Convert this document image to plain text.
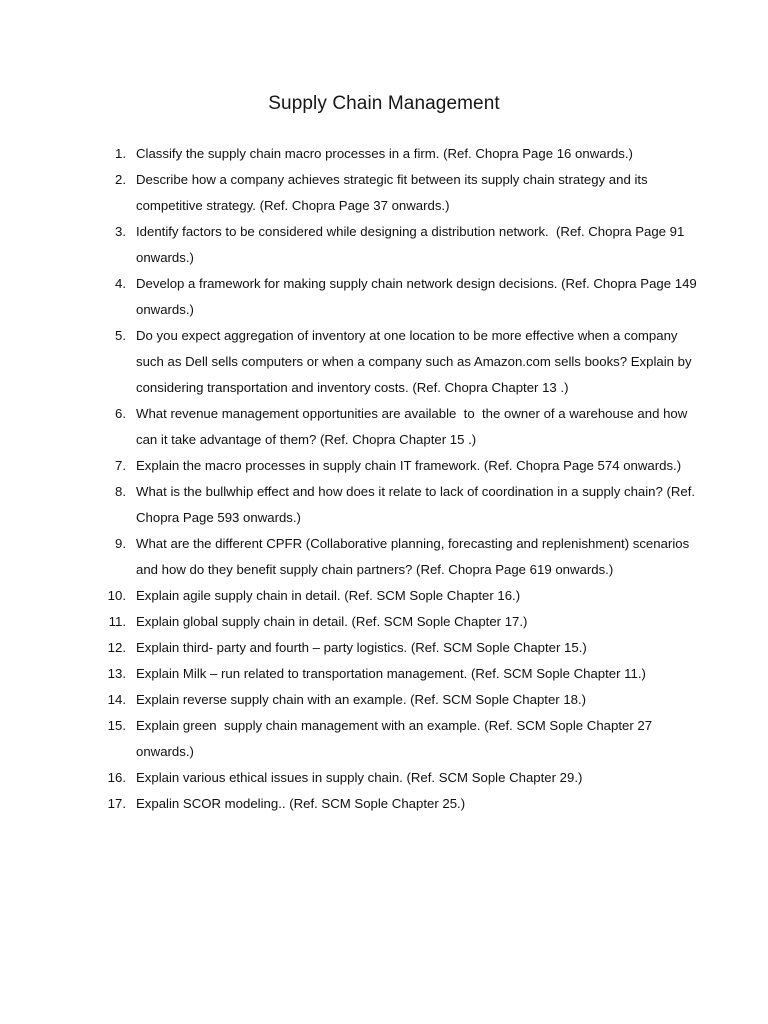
Supply Chain Management
1. Classify the supply chain macro processes in a firm. (Ref. Chopra Page 16 onwards.)
2. Describe how a company achieves strategic fit between its supply chain strategy and its
competitive strategy. (Ref. Chopra Page 37 onwards.)
3. Identify factors to be considered while designing a distribution network.  (Ref. Chopra Page 91
onwards.)
4. Develop a framework for making supply chain network design decisions. (Ref. Chopra Page 149
onwards.)
5. Do you expect aggregation of inventory at one location to be more effective when a company
such as Dell sells computers or when a company such as Amazon.com sells books? Explain by
considering transportation and inventory costs. (Ref. Chopra Chapter 13 .)
6. What revenue management opportunities are available  to  the owner of a warehouse and how
can it take advantage of them? (Ref. Chopra Chapter 15 .)
7. Explain the macro processes in supply chain IT framework. (Ref. Chopra Page 574 onwards.)
8. What is the bullwhip effect and how does it relate to lack of coordination in a supply chain? (Ref.
Chopra Page 593 onwards.)
9. What are the different CPFR (Collaborative planning, forecasting and replenishment) scenarios
and how do they benefit supply chain partners? (Ref. Chopra Page 619 onwards.)
10. Explain agile supply chain in detail. (Ref. SCM Sople Chapter 16.)
11. Explain global supply chain in detail. (Ref. SCM Sople Chapter 17.)
12. Explain third- party and fourth – party logistics. (Ref. SCM Sople Chapter 15.)
13. Explain Milk – run related to transportation management. (Ref. SCM Sople Chapter 11.)
14. Explain reverse supply chain with an example. (Ref. SCM Sople Chapter 18.)
15. Explain green  supply chain management with an example. (Ref. SCM Sople Chapter 27
onwards.)
16. Explain various ethical issues in supply chain. (Ref. SCM Sople Chapter 29.)
17. Expalin SCOR modeling.. (Ref. SCM Sople Chapter 25.)
